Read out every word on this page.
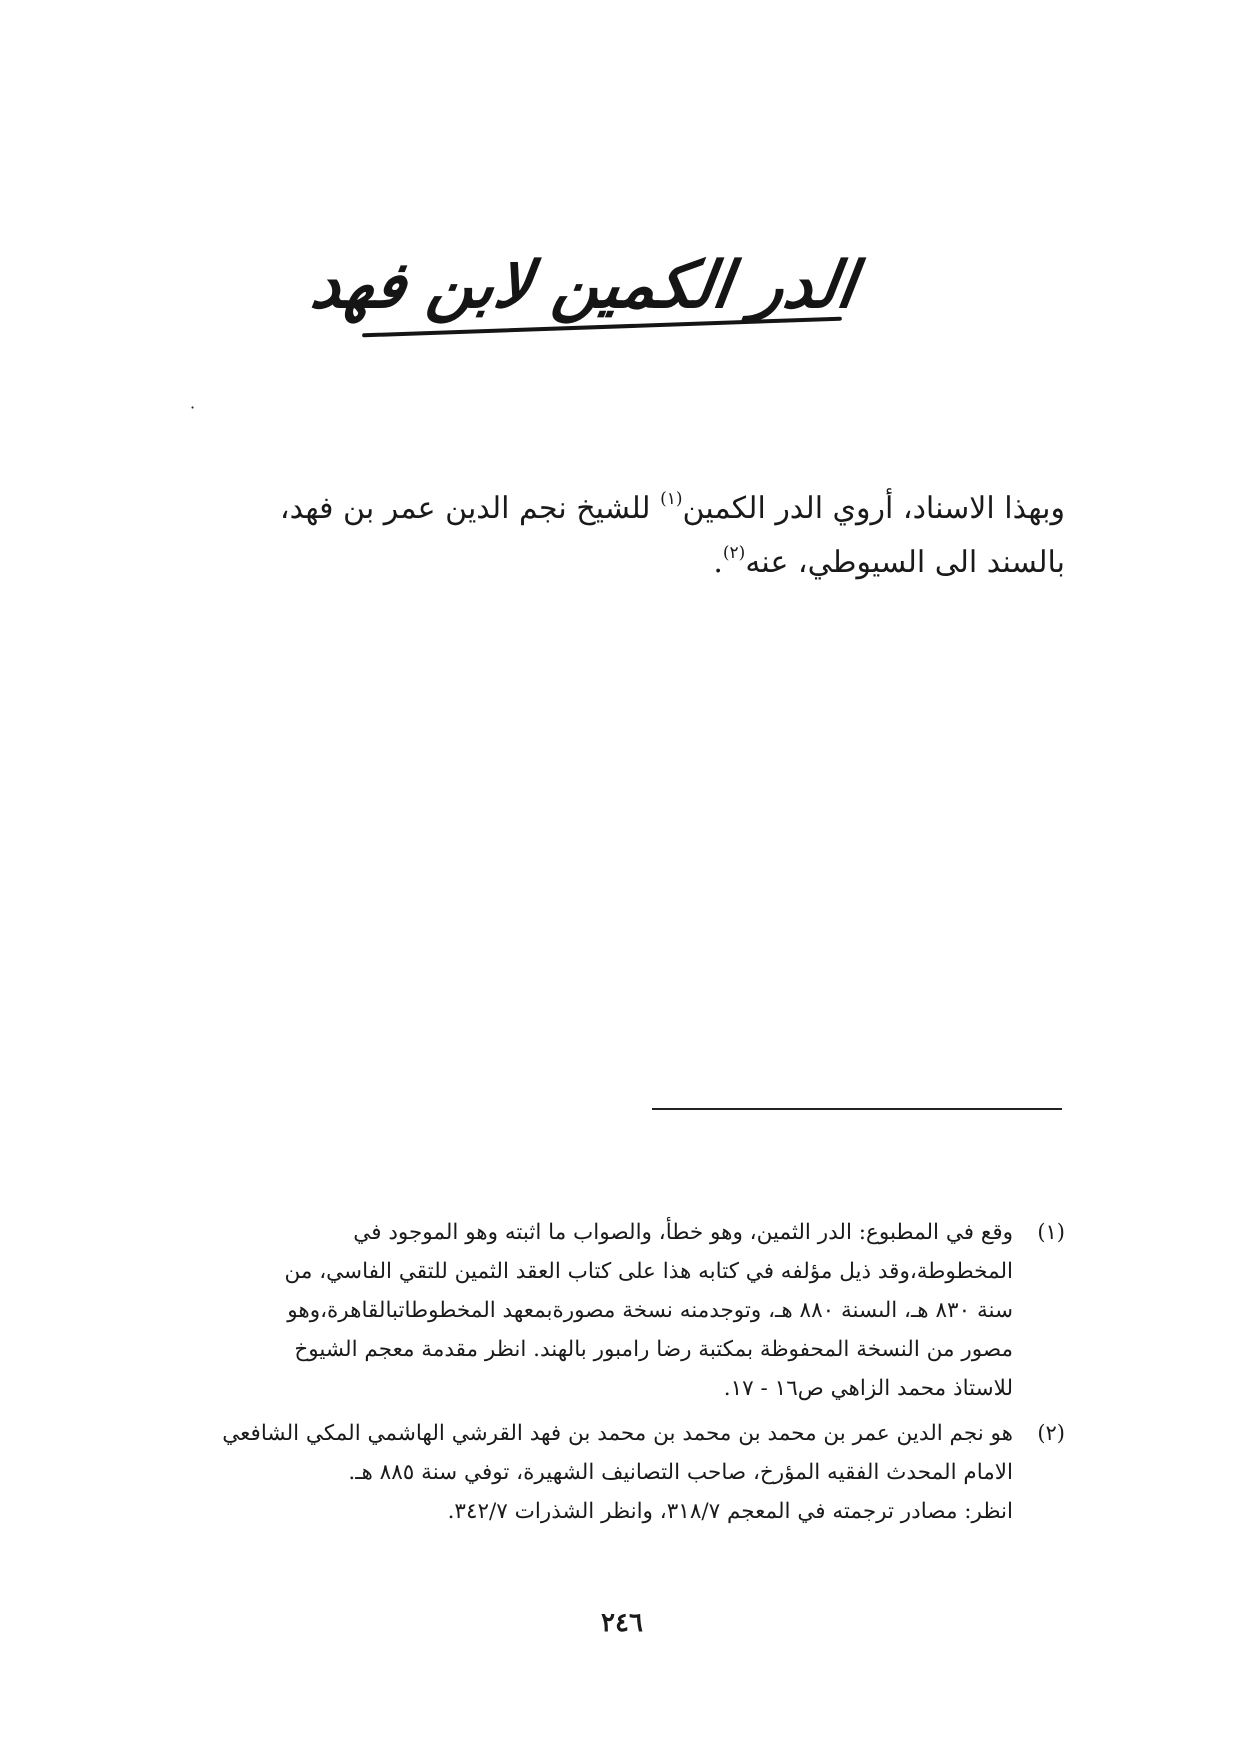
الدر الكمين لابن فهد
·

وبهذا الاسناد، أروي الدر الكمين$^{(١)}$ للشيخ نجم الدين عمر بن فهد،
بالسند الى السيوطي، عنه$^{(٢)}$.

(١)
وقع في المطبوع: الدر الثمين، وهو خطأ، والصواب ما اثبته وهو الموجود في
المخطوطة،وقد ذيل مؤلفه في كتابه هذا على كتاب العقد الثمين للتقي الفاسي، من
سنة ٨٣٠ هـ، الىسنة ٨٨٠ هـ، وتوجدمنه نسخة مصورةبمعهد المخطوطاتبالقاهرة،وهو
مصور من النسخة المحفوظة بمكتبة رضا رامبور بالهند. انظر مقدمة معجم الشيوخ
للاستاذ محمد الزاهي ص١٦ - ١٧.
(٢)
هو نجم الدين عمر بن محمد بن محمد بن محمد بن فهد القرشي الهاشمي المكي الشافعي
الامام المحدث الفقيه المؤرخ، صاحب التصانيف الشهيرة، توفي سنة ٨٨٥ هـ.
انظر: مصادر ترجمته في المعجم ٣١٨/٧، وانظر الشذرات ٣٤٢/٧.
٢٤٦
